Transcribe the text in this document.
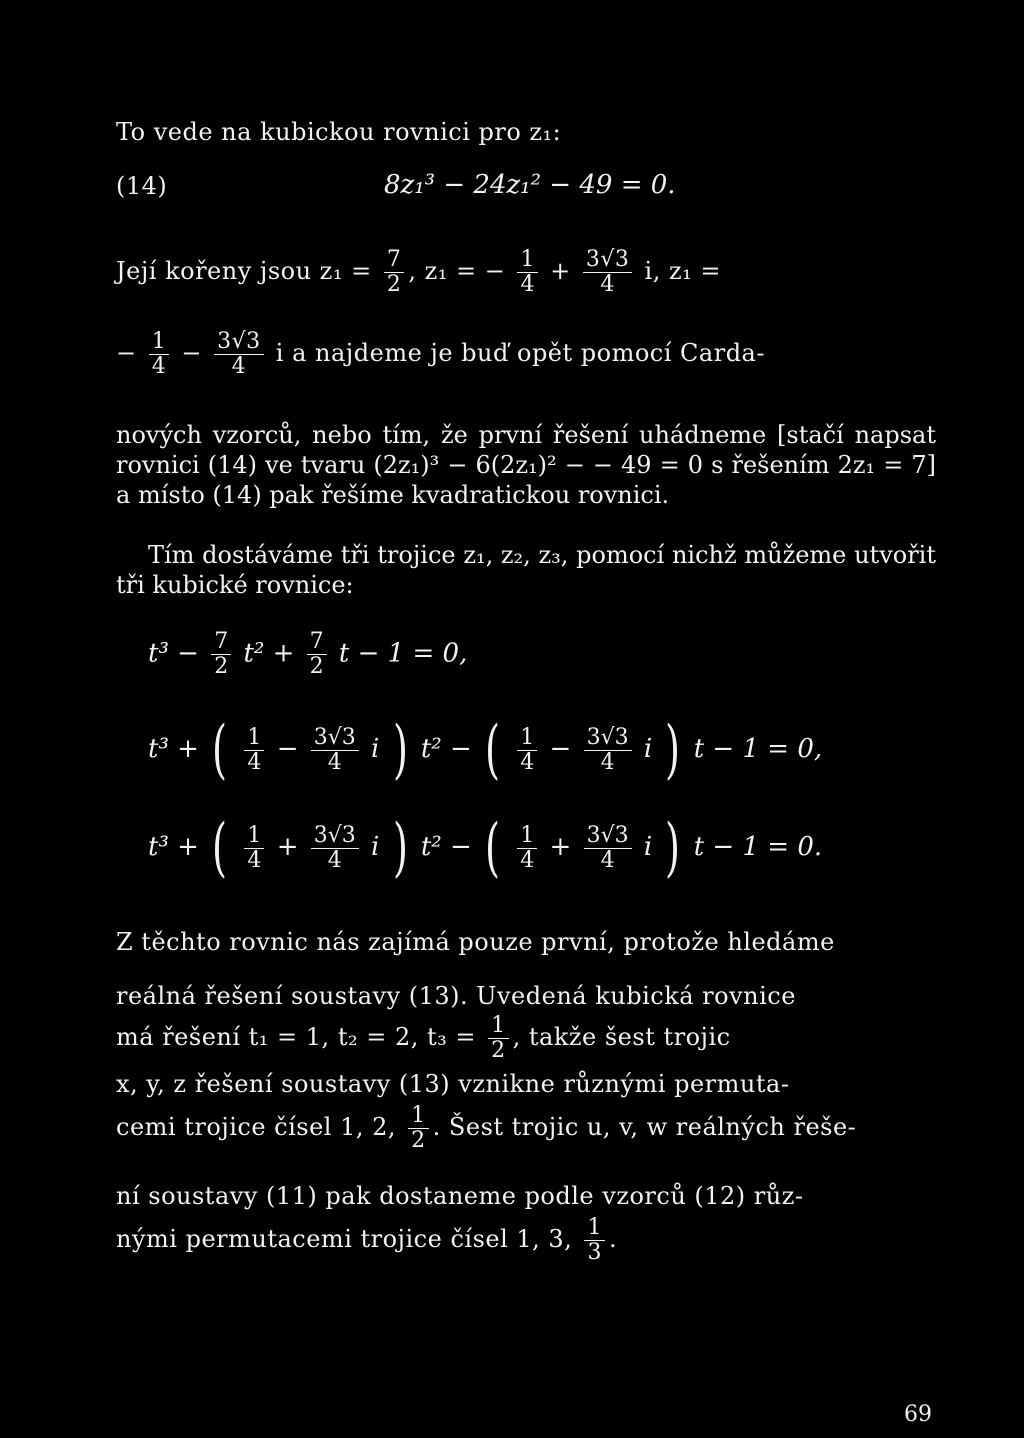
To vede na kubickou rovnici pro z₁:
(14)	8z₁³ − 24z₁² − 49 = 0.
Její kořeny jsou $z_1 = \frac{7}{2}$ , z₁ = − $\frac{1}{4} + \frac{3√3}{4} i$, z₁ =
− $\frac{1}{4} - \frac{3√3}{4}$ i a najdeme je buď opět pomocí Carda-
nových vzorců, nebo tím, že první řešení uhádneme [stačí napsat rovnici (14) ve tvaru (2z₁)³ − 6(2z₁)² − − 49 = 0 s řešením 2z₁ = 7] a místo (14) pak řešíme kvadratickou rovnici.
Tím dostáváme tři trojice z₁, z₂, z₃, pomocí nichž můžeme utvořit tři kubické rovnice:
$t^3 - \frac{7}{2} t^2 + \frac{7}{2}$ t − 1 = 0,
t³ + ( $\frac{1}{4} - \frac{3√3}{4}$ i ) t² − ( $\frac{1}{4} - \frac{3√3}{4}$ i ) t − 1 = 0,
t³ + ( $\frac{1}{4} + \frac{3√3}{4}$ i ) t² − ( $\frac{1}{4} + \frac{3√3}{4}$ i ) t − 1 = 0.
Z těchto rovnic nás zajímá pouze první, protože hledáme
reálná řešení soustavy (13). Uvedená kubická rovnice
má řešení t₁ = 1, t₂ = 2, $t_3 = \frac{1}{2}$ , takže šest trojic
x, y, z řešení soustavy (13) vznikne různými permuta-
cemi trojice čísel 1, 2, $\frac{1}{2}$ . Šest trojic u, v, w reálných řeše-
ní soustavy (11) pak dostaneme podle vzorců (12) růz-
nými permutacemi trojice čísel 1, 3, $\frac{1}{3}$ .
69
